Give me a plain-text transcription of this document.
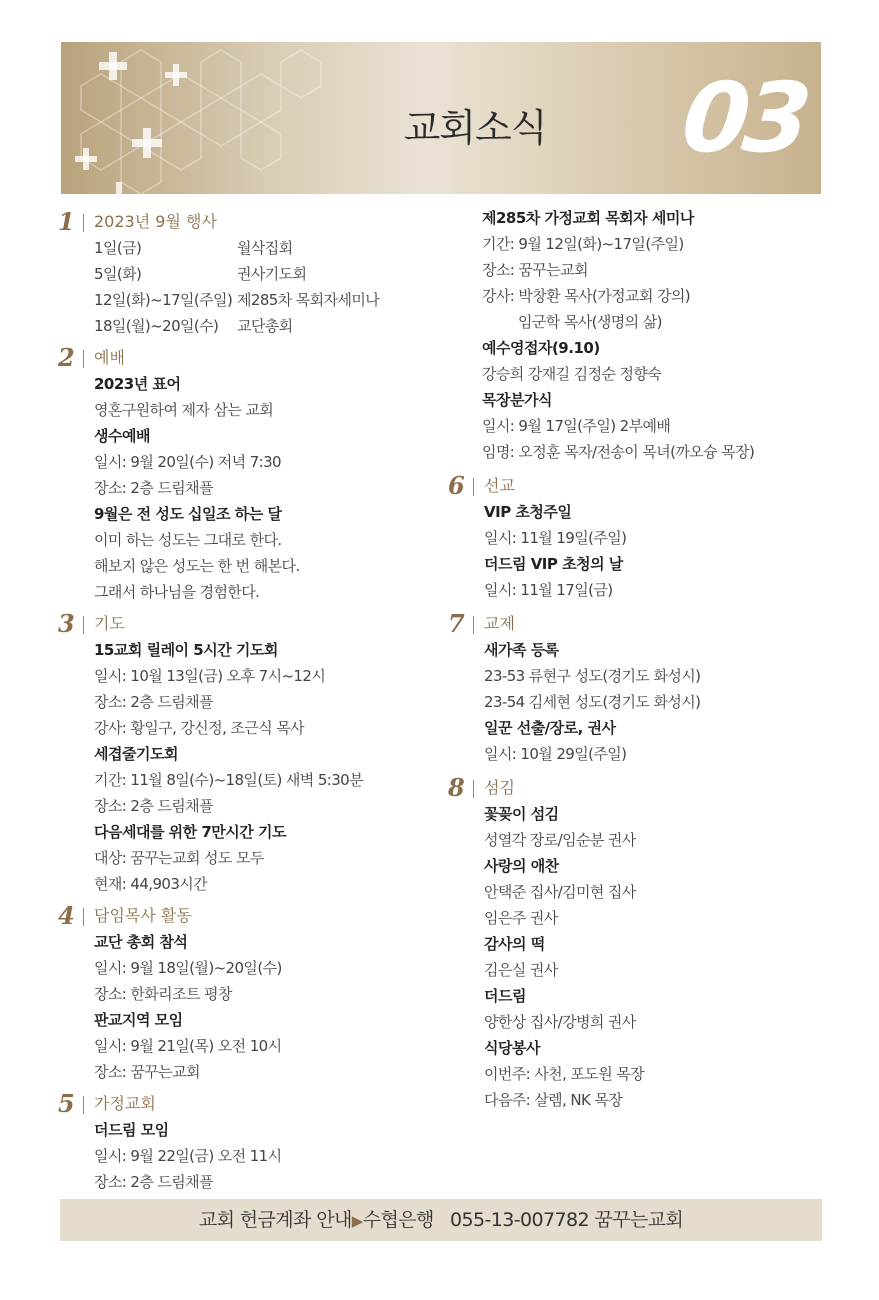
교회소식	03
1 2023년 9월 행사
1일(금)	월삭집회
5일(화)	권사기도회
12일(화)~17일(주일) 제285차 목회자세미나
18일(월)~20일(수)	교단총회
2 예배
2023년 표어
영혼구원하여 제자 삼는 교회
생수예배
일시: 9월 20일(수) 저녁 7:30
장소: 2층 드림채플
9월은 전 성도 십일조 하는 달
이미 하는 성도는 그대로 한다.
해보지 않은 성도는 한 번 해본다.
그래서 하나님을 경험한다.
3 기도
15교회 릴레이 5시간 기도회
일시: 10월 13일(금) 오후 7시~12시
장소: 2층 드림채플
강사: 황일구, 강신정, 조근식 목사
세겹줄기도회
기간: 11월 8일(수)~18일(토) 새벽 5:30분
장소: 2층 드림채플
다음세대를 위한 7만시간 기도
대상: 꿈꾸는교회 성도 모두
현재: 44,903시간
4 담임목사 활동
교단 총회 참석
일시: 9월 18일(월)~20일(수)
장소: 한화리조트 평창
판교지역 모임
일시: 9월 21일(목) 오전 10시
장소: 꿈꾸는교회
5 가정교회
더드림 모임
일시: 9월 22일(금) 오전 11시
장소: 2층 드림채플
제285차 가정교회 목회자 세미나
기간: 9월 12일(화)~17일(주일)
장소: 꿈꾸는교회
강사: 박창환 목사(가정교회 강의)
임군학 목사(생명의 삶)
예수영접자(9.10)
강승희 강재길 김정순 정향숙
목장분가식
일시: 9월 17일(주일) 2부예배
임명: 오정훈 목자/전송이 목녀(까오슝 목장)
6 선교
VIP 초청주일
일시: 11월 19일(주일)
더드림 VIP 초청의 날
일시: 11월 17일(금)
7 교제
새가족 등록
23-53 류현구 성도(경기도 화성시)
23-54 김세현 성도(경기도 화성시)
일꾼 선출/장로, 권사
일시: 10월 29일(주일)
8 섬김
꽃꽂이 섬김
성열각 장로/임순분 권사
사랑의 애찬
안택준 집사/김미현 집사
임은주 권사
감사의 떡
김은실 권사
더드림
양한상 집사/강병희 권사
식당봉사
이번주: 사천, 포도원 목장
다음주: 살렘, NK 목장
교회 헌금계좌 안내▶수협은행 055-13-007782 꿈꾸는교회
